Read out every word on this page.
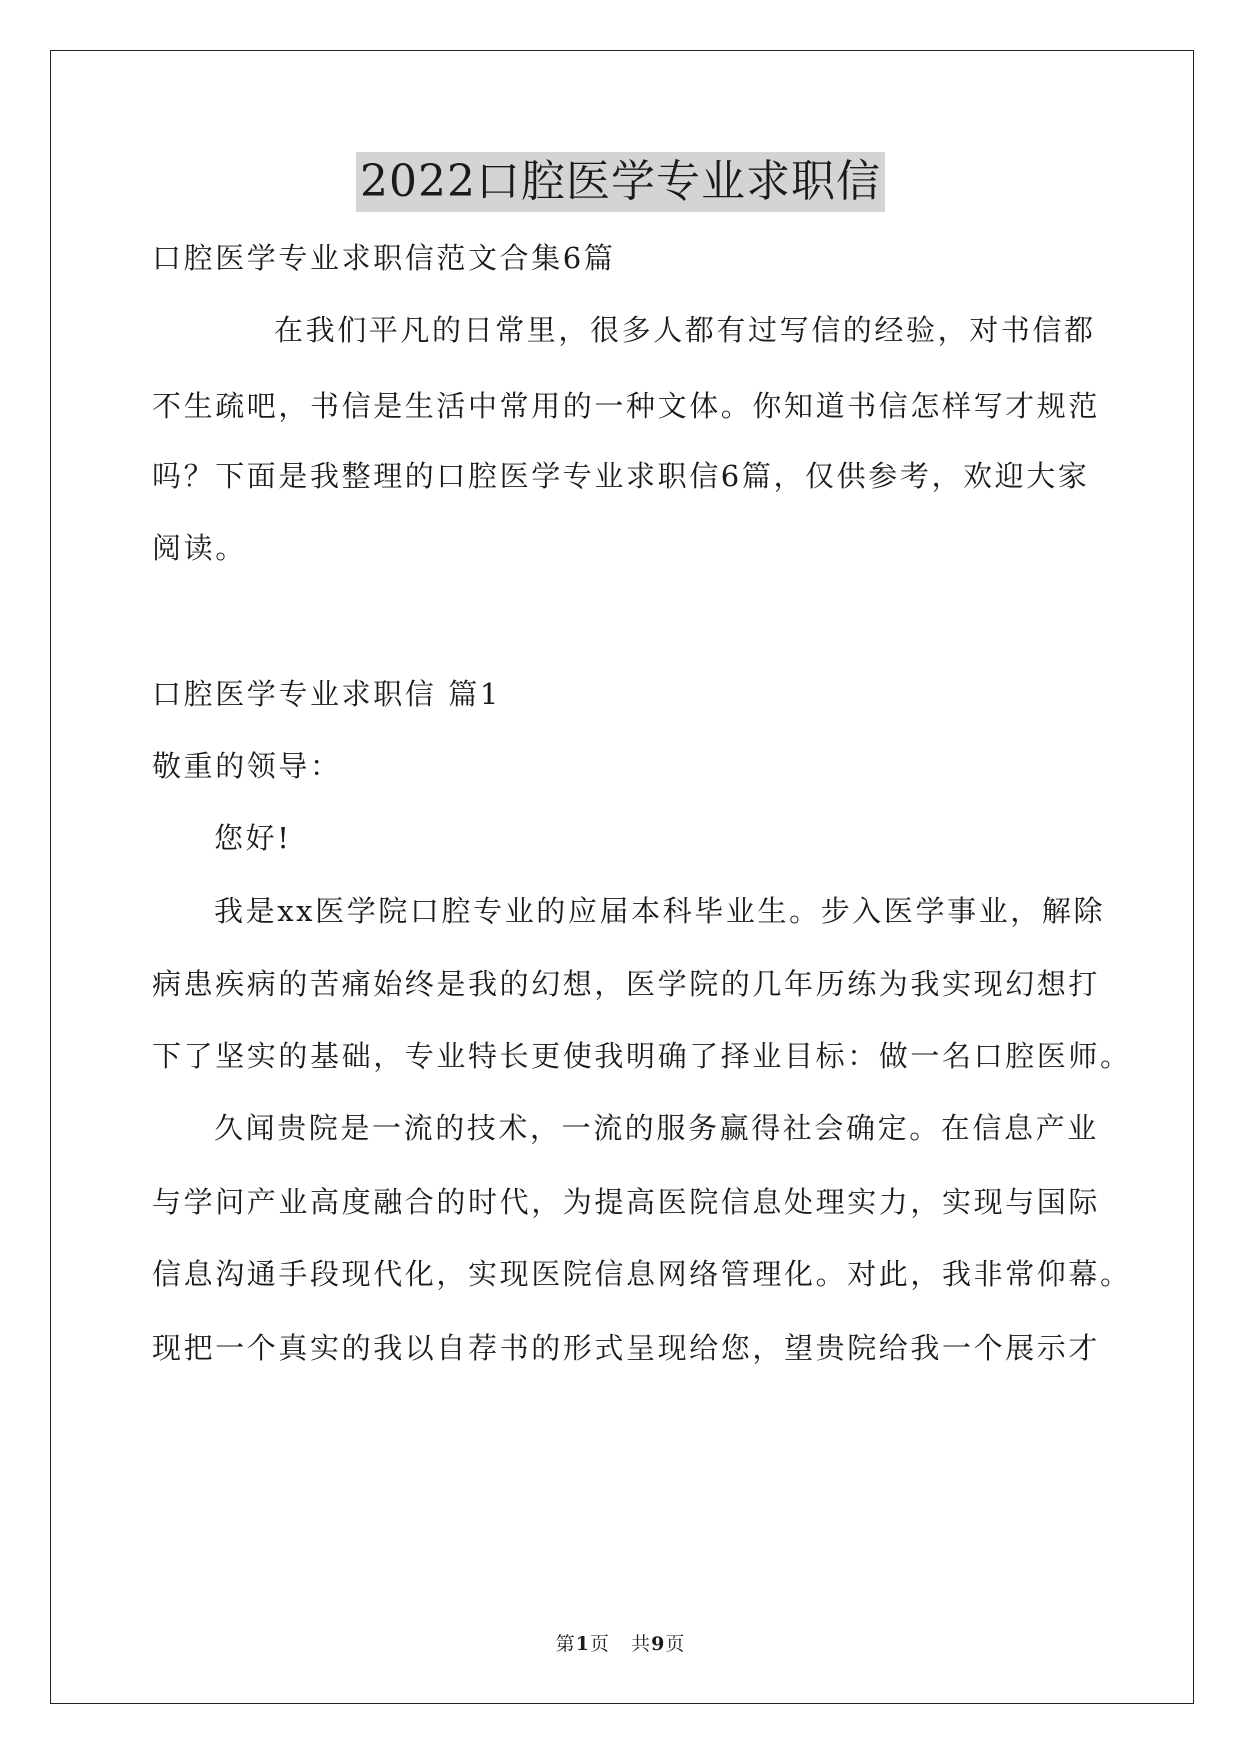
2022口腔医学专业求职信
口腔医学专业求职信范文合集6篇
在我们平凡的日常里，很多人都有过写信的经验，对书信都
不生疏吧，书信是生活中常用的一种文体。你知道书信怎样写才规范
吗？下面是我整理的口腔医学专业求职信6篇，仅供参考，欢迎大家
阅读。
口腔医学专业求职信 篇1
敬重的领导：
您好!
我是xx医学院口腔专业的应届本科毕业生。步入医学事业，解除
病患疾病的苦痛始终是我的幻想，医学院的几年历练为我实现幻想打
下了坚实的基础，专业特长更使我明确了择业目标：做一名口腔医师。
久闻贵院是一流的技术，一流的服务赢得社会确定。在信息产业
与学问产业高度融合的时代，为提高医院信息处理实力，实现与国际
信息沟通手段现代化，实现医院信息网络管理化。对此，我非常仰幕。
现把一个真实的我以自荐书的形式呈现给您，望贵院给我一个展示才
第1页 共9页
